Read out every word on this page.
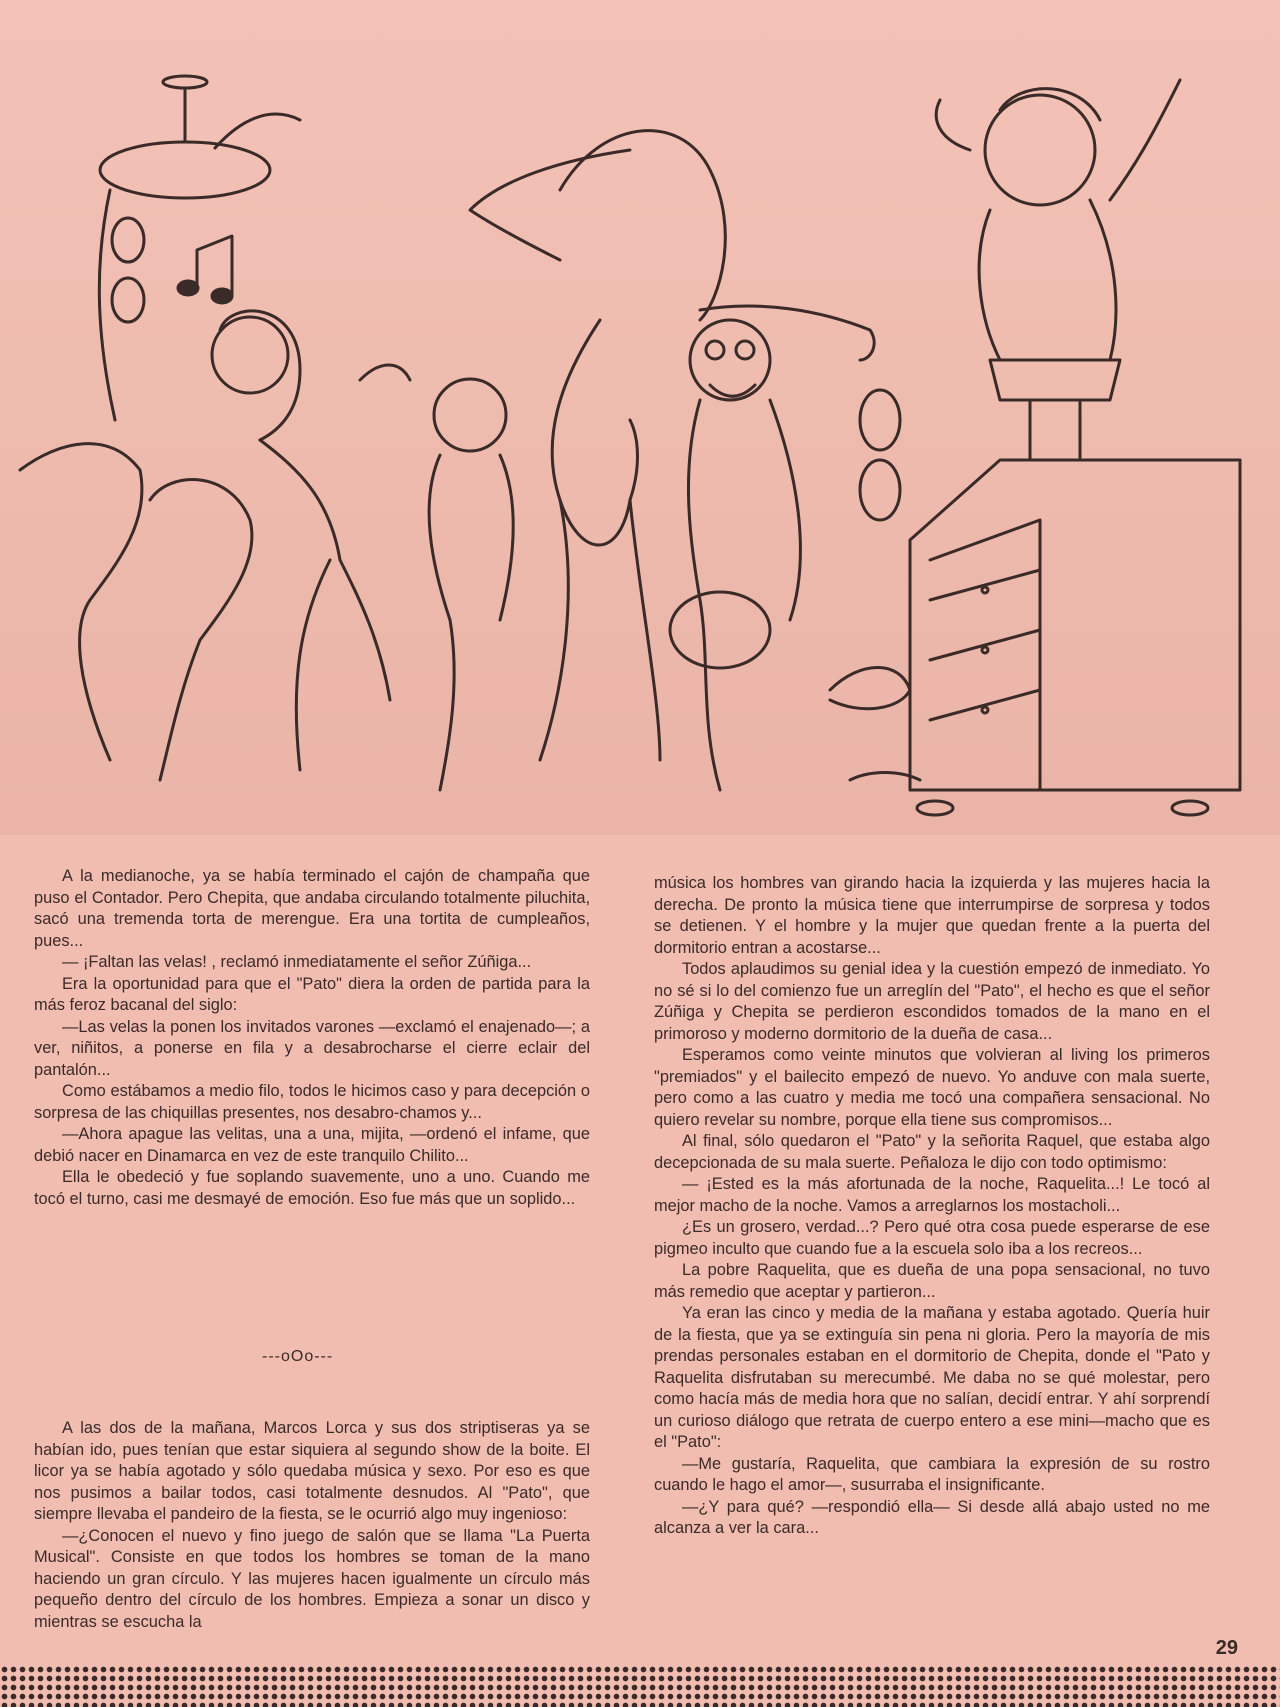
A la medianoche, ya se había terminado el cajón de champaña que puso el Contador. Pero Chepita, que andaba circulando totalmente piluchita, sacó una tremenda torta de merengue. Era una tortita de cumpleaños, pues...

— ¡Faltan las velas! , reclamó inmediatamente el señor Zúñiga...

Era la oportunidad para que el "Pato" diera la orden de partida para la más feroz bacanal del siglo:

—Las velas la ponen los invitados varones —exclamó el enajenado—; a ver, niñitos, a ponerse en fila y a desabrocharse el cierre eclair del pantalón...

Como estábamos a medio filo, todos le hicimos caso y para decepción o sorpresa de las chiquillas presentes, nos desabro-chamos y...

—Ahora apague las velitas, una a una, mijita, —ordenó el infame, que debió nacer en Dinamarca en vez de este tranquilo Chilito...

Ella le obedeció y fue soplando suavemente, uno a uno. Cuando me tocó el turno, casi me desmayé de emoción. Eso fue más que un soplido...

---oOo---

A las dos de la mañana, Marcos Lorca y sus dos striptiseras ya se habían ido, pues tenían que estar siquiera al segundo show de la boite. El licor ya se había agotado y sólo quedaba música y sexo. Por eso es que nos pusimos a bailar todos, casi totalmente desnudos. Al "Pato", que siempre llevaba el pandeiro de la fiesta, se le ocurrió algo muy ingenioso:

—¿Conocen el nuevo y fino juego de salón que se llama "La Puerta Musical". Consiste en que todos los hombres se toman de la mano haciendo un gran círculo. Y las mujeres hacen igualmente un círculo más pequeño dentro del círculo de los hombres. Empieza a sonar un disco y mientras se escucha la

música los hombres van girando hacia la izquierda y las mujeres hacia la derecha. De pronto la música tiene que interrumpirse de sorpresa y todos se detienen. Y el hombre y la mujer que quedan frente a la puerta del dormitorio entran a acostarse...

Todos aplaudimos su genial idea y la cuestión empezó de inmediato. Yo no sé si lo del comienzo fue un arreglín del "Pato", el hecho es que el señor Zúñiga y Chepita se perdieron escondidos tomados de la mano en el primoroso y moderno dormitorio de la dueña de casa...

Esperamos como veinte minutos que volvieran al living los primeros "premiados" y el bailecito empezó de nuevo. Yo anduve con mala suerte, pero como a las cuatro y media me tocó una compañera sensacional. No quiero revelar su nombre, porque ella tiene sus compromisos...

Al final, sólo quedaron el "Pato" y la señorita Raquel, que estaba algo decepcionada de su mala suerte. Peñaloza le dijo con todo optimismo:

— ¡Ested es la más afortunada de la noche, Raquelita...! Le tocó al mejor macho de la noche. Vamos a arreglarnos los mostacholi...

¿Es un grosero, verdad...? Pero qué otra cosa puede esperarse de ese pigmeo inculto que cuando fue a la escuela solo iba a los recreos...

La pobre Raquelita, que es dueña de una popa sensacional, no tuvo más remedio que aceptar y partieron...

Ya eran las cinco y media de la mañana y estaba agotado. Quería huir de la fiesta, que ya se extinguía sin pena ni gloria. Pero la mayoría de mis prendas personales estaban en el dormitorio de Chepita, donde el "Pato y Raquelita disfrutaban su merecumbé. Me daba no se qué molestar, pero como hacía más de media hora que no salían, decidí entrar. Y ahí sorprendí un curioso diálogo que retrata de cuerpo entero a ese mini—macho que es el "Pato":

—Me gustaría, Raquelita, que cambiara la expresión de su rostro cuando le hago el amor—, susurraba el insignificante.

—¿Y para qué? —respondió ella— Si desde allá abajo usted no me alcanza a ver la cara...

29
